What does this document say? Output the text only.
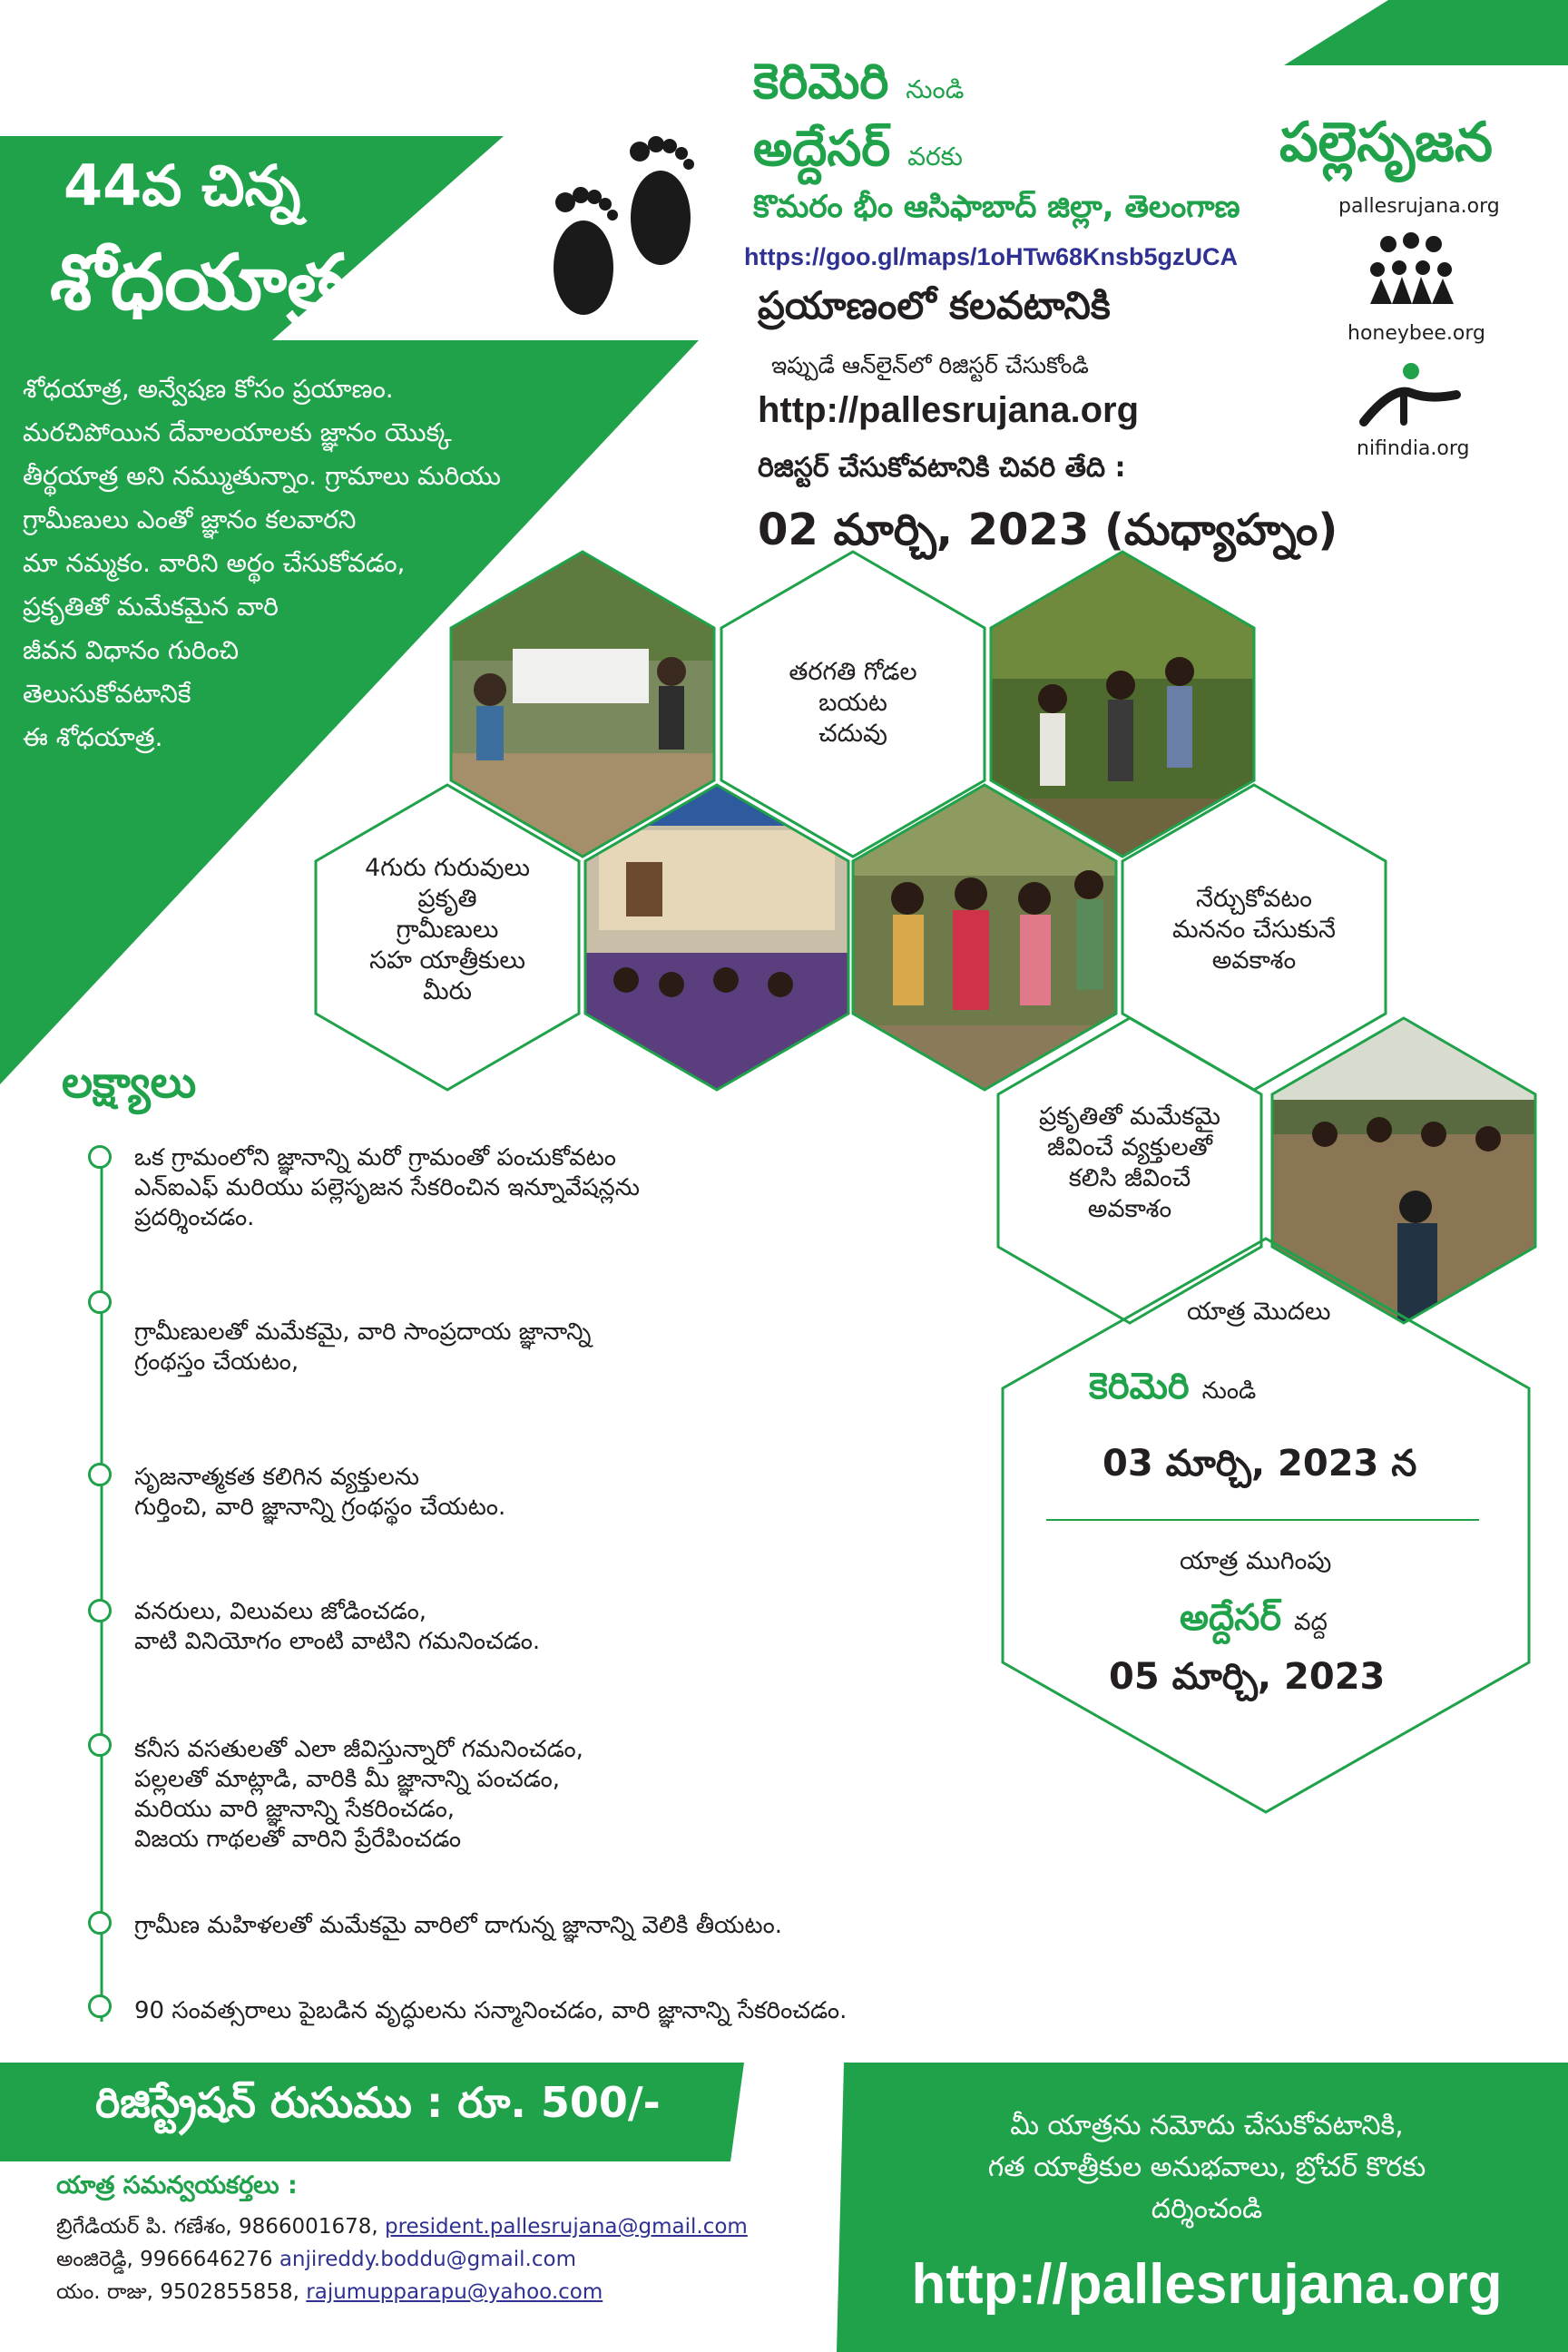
44వ చిన్న
శోధయాత్ర
కెరిమెరి నుండి
అద్దేసర్ వరకు
కొమరం భీం ఆసిఫాబాద్ జిల్లా, తెలంగాణ
https://goo.gl/maps/1oHTw68Knsb5gzUCA
ప్రయాణంలో కలవటానికి
ఇప్పుడే ఆన్‌లైన్‌లో రిజిస్టర్ చేసుకోండి
http://pallesrujana.org
రిజిస్టర్ చేసుకోవటానికి చివరి తేది :
02 మార్చి, 2023 (మధ్యాహ్నం)
పల్లెసృజన
pallesrujana.org
honeybee.org
nifindia.org
శోధయాత్ర, అన్వేషణ కోసం ప్రయాణం.
మరచిపోయిన దేవాలయాలకు జ్ఞానం యొక్క
తీర్థయాత్ర అని నమ్ముతున్నాం. గ్రామాలు మరియు
గ్రామీణులు ఎంతో జ్ఞానం కలవారని
మా నమ్మకం. వారిని అర్థం చేసుకోవడం,
ప్రకృతితో మమేకమైన వారి
జీవన విధానం గురించి
తెలుసుకోవటానికే
ఈ శోధయాత్ర.
తరగతి గోడల
బయట
చదువు
4గురు గురువులు
ప్రకృతి
గ్రామీణులు
సహ యాత్రీకులు
మీరు
నేర్చుకోవటం
మననం చేసుకునే
అవకాశం
ప్రకృతితో మమేకమై
జీవించే వ్యక్తులతో
కలిసి జీవించే
అవకాశం
యాత్ర మొదలు
కెరిమెరి నుండి
03 మార్చి, 2023 న
యాత్ర ముగింపు
అద్దేసర్ వద్ద
05 మార్చి, 2023
లక్ష్యాలు
ఒక గ్రామంలోని జ్ఞానాన్ని మరో గ్రామంతో పంచుకోవటం
ఎన్ఐఎఫ్ మరియు పల్లెసృజన సేకరించిన ఇన్నూవేషన్లను
ప్రదర్శించడం.
గ్రామీణులతో మమేకమై, వారి సాంప్రదాయ జ్ఞానాన్ని
గ్రంథస్తం చేయటం,
సృజనాత్మకత కలిగిన వ్యక్తులను
గుర్తించి, వారి జ్ఞానాన్ని గ్రంథస్థం చేయటం.
వనరులు, విలువలు జోడించడం,
వాటి వినియోగం లాంటి వాటిని గమనించడం.
కనీస వసతులతో ఎలా జీవిస్తున్నారో గమనించడం,
పల్లలతో మాట్లాడి, వారికి మీ జ్ఞానాన్ని పంచడం,
మరియు వారి జ్ఞానాన్ని సేకరించడం,
విజయ గాథలతో వారిని ప్రేరేపించడం
గ్రామీణ మహిళలతో మమేకమై వారిలో దాగున్న జ్ఞానాన్ని వెలికి తీయటం.
90 సంవత్సరాలు పైబడిన వృద్ధులను సన్మానించడం, వారి జ్ఞానాన్ని సేకరించడం.
రిజిస్ట్రేషన్ రుసుము : రూ. 500/-
యాత్ర సమన్వయకర్తలు :
బ్రిగేడియర్ పి. గణేశం, 9866001678, president.pallesrujana@gmail.com
అంజిరెడ్డి, 9966646276 anjireddy.boddu@gmail.com
యం. రాజు, 9502855858, rajumupparapu@yahoo.com
మీ యాత్రను నమోదు చేసుకోవటానికి,
గత యాత్రీకుల అనుభవాలు, బ్రోచర్ కొరకు
దర్శించండి
http://pallesrujana.org
